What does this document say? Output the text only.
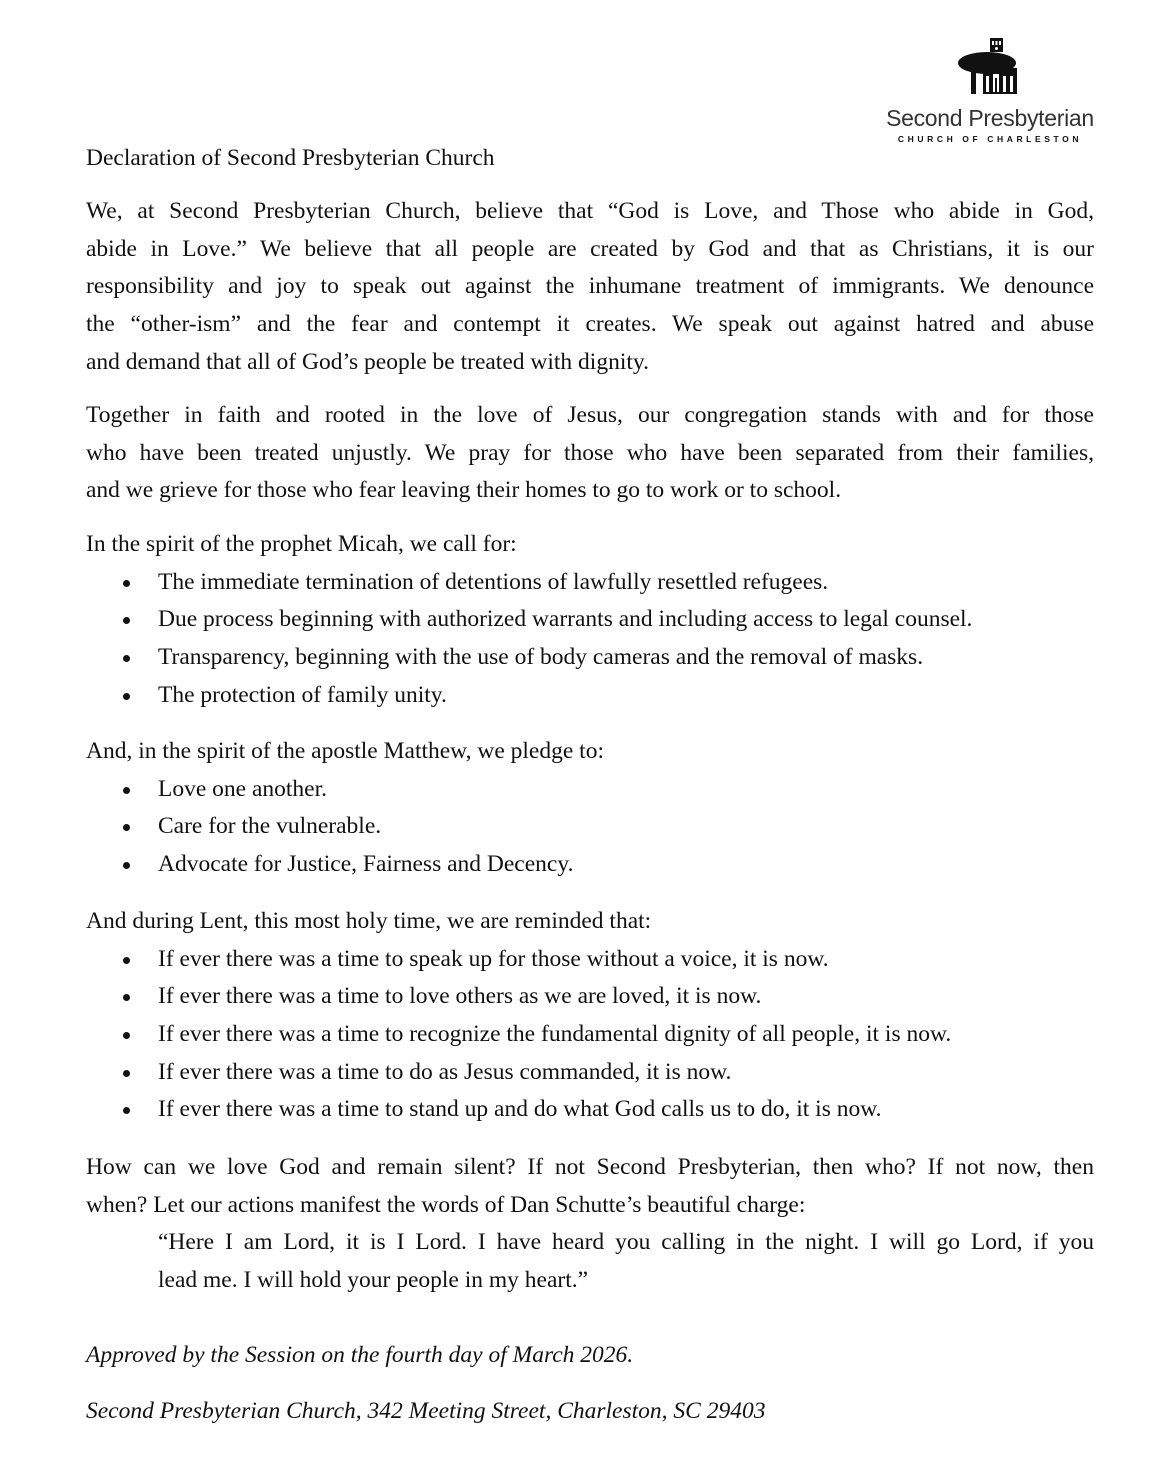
Second Presbyterian
CHURCH OF CHARLESTON
Declaration of Second Presbyterian Church
We, at Second Presbyterian Church, believe that “God is Love, and Those who abide in God,
abide in Love.” We believe that all people are created by God and that as Christians, it is our
responsibility and joy to speak out against the inhumane treatment of immigrants. We denounce
the “other-ism” and the fear and contempt it creates. We speak out against hatred and abuse
and demand that all of God’s people be treated with dignity.
Together in faith and rooted in the love of Jesus, our congregation stands with and for those
who have been treated unjustly. We pray for those who have been separated from their families,
and we grieve for those who fear leaving their homes to go to work or to school.
In the spirit of the prophet Micah, we call for:
The immediate termination of detentions of lawfully resettled refugees.
Due process beginning with authorized warrants and including access to legal counsel.
Transparency, beginning with the use of body cameras and the removal of masks.
The protection of family unity.
And, in the spirit of the apostle Matthew, we pledge to:
Love one another.
Care for the vulnerable.
Advocate for Justice, Fairness and Decency.
And during Lent, this most holy time, we are reminded that:
If ever there was a time to speak up for those without a voice, it is now.
If ever there was a time to love others as we are loved, it is now.
If ever there was a time to recognize the fundamental dignity of all people, it is now.
If ever there was a time to do as Jesus commanded, it is now.
If ever there was a time to stand up and do what God calls us to do, it is now.
How can we love God and remain silent? If not Second Presbyterian, then who? If not now, then
when? Let our actions manifest the words of Dan Schutte’s beautiful charge:
“Here I am Lord, it is I Lord. I have heard you calling in the night. I will go Lord, if you
lead me. I will hold your people in my heart.”
Approved by the Session on the fourth day of March 2026.
Second Presbyterian Church, 342 Meeting Street, Charleston, SC 29403
